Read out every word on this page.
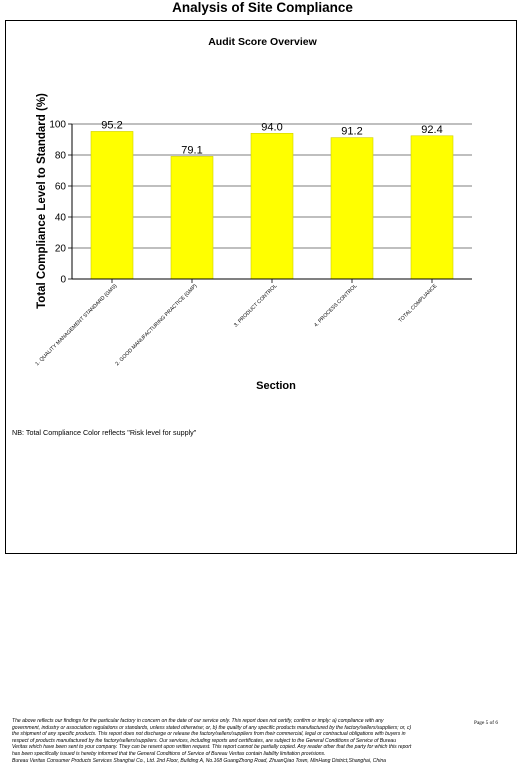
Analysis of Site Compliance
Audit Score Overview
0
20
40
60
80
100	95.2
1. QUALITY MANAGEMENT STANDARD (GMS)
79.1
2. GOOD MANUFACTURING PRACTICE (GMP)
94.0
3. PRODUCT CONTROL
91.2
4. PROCESS CONTROL
92.4
TOTAL COMPLIANCE
Total Compliance Level to Standard (%)
Section
NB: Total Compliance Color reflects "Risk level for supply"
The above reflects our findings for the particular factory in concern on the date of our service only. This report does not certify, confirm or imply: a) compliance with any
government, industry or association regulations or standards, unless stated otherwise; or, b) the quality of any specific products manufactured by the factory/sellers/suppliers; or, c)
the shipment of any specific products. This report does not discharge or release the factory/sellers/suppliers from their commercial, legal or contractual obligations with buyers in
respect of products manufactured by the factory/sellers/suppliers. Our services, including reports and certificates, are subject to the General Conditions of Service of Bureau
Veritas which have been sent to your company. They can be resent upon written request. This report cannot be partially copied. Any reader other that the party for which this report
has been specifically issued is hereby informed that the General Conditions of Service of Bureau Veritas contain liability limitation provisions.
Bureau Veritas Consumer Products Services Shanghai Co., Ltd. 2nd Floor, Building A, No.168 GuangZhong Road, ZhuanQiao Town, MinHang District,Shanghai, China
Page 5 of 6
